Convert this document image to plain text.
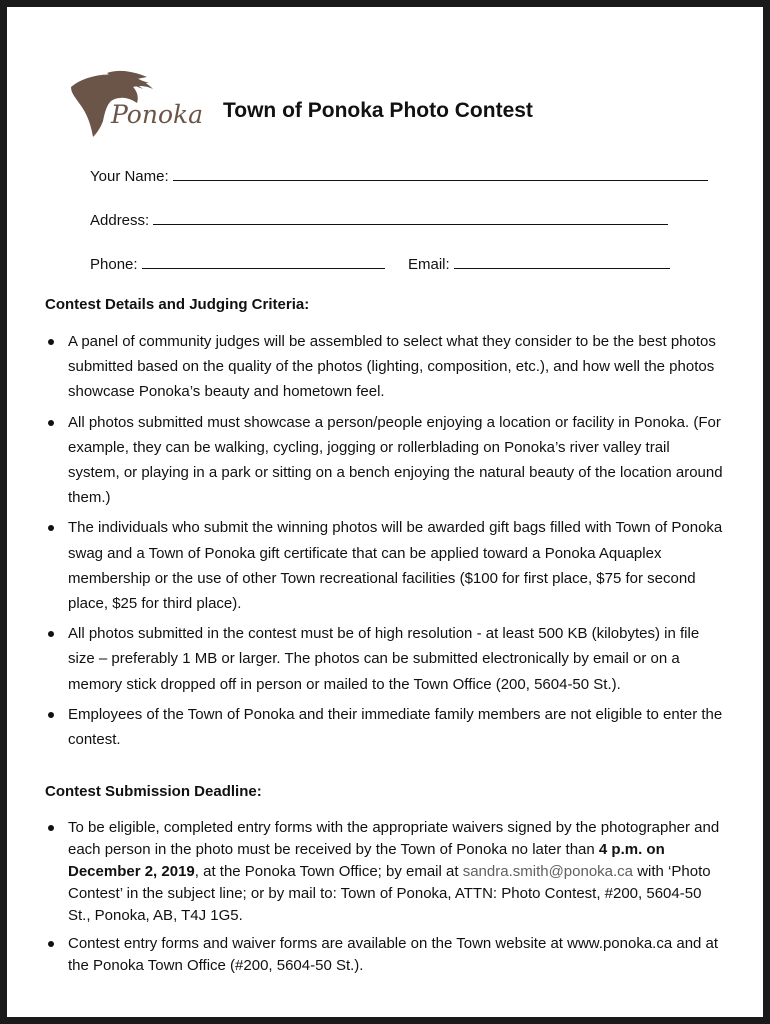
Ponoka Town of Ponoka Photo Contest
Your Name:
Address:
Phone:	Email:
Contest Details and Judging Criteria:
A panel of community judges will be assembled to select what they consider to be the best photos submitted based on the quality of the photos (lighting, composition, etc.), and how well the photos showcase Ponoka’s beauty and hometown feel.
All photos submitted must showcase a person/people enjoying a location or facility in Ponoka. (For example, they can be walking, cycling, jogging or rollerblading on Ponoka’s river valley trail system, or playing in a park or sitting on a bench enjoying the natural beauty of the location around them.)
The individuals who submit the winning photos will be awarded gift bags filled with Town of Ponoka swag and a Town of Ponoka gift certificate that can be applied toward a Ponoka Aquaplex membership or the use of other Town recreational facilities ($100 for first place, $75 for second place, $25 for third place).
All photos submitted in the contest must be of high resolution - at least 500 KB (kilobytes) in file size – preferably 1 MB or larger. The photos can be submitted electronically by email or on a memory stick dropped off in person or mailed to the Town Office (200, 5604-50 St.).
Employees of the Town of Ponoka and their immediate family members are not eligible to enter the contest.
Contest Submission Deadline:
To be eligible, completed entry forms with the appropriate waivers signed by the photographer and each person in the photo must be received by the Town of Ponoka no later than 4 p.m. on December 2, 2019, at the Ponoka Town Office; by email at sandra.smith@ponoka.ca with ‘Photo Contest’ in the subject line; or by mail to: Town of Ponoka, ATTN: Photo Contest, #200, 5604-50 St., Ponoka, AB, T4J 1G5.
Contest entry forms and waiver forms are available on the Town website at www.ponoka.ca and at the Ponoka Town Office (#200, 5604-50 St.).
